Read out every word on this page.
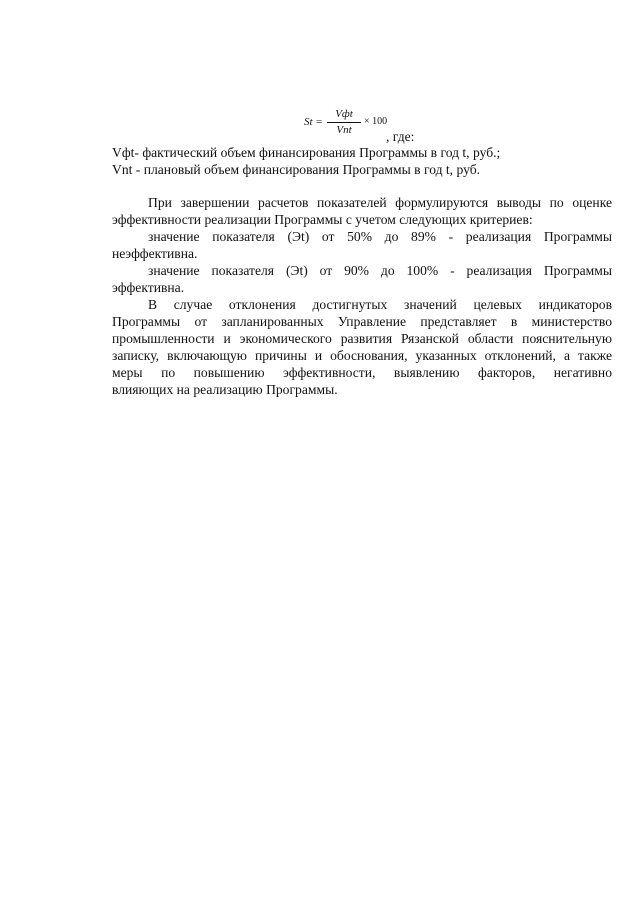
St =
Vфt
Vnt
× 100
, где:
Vфt- фактический объем финансирования Программы в год t, руб.;
Vnt - плановый объем финансирования Программы в год t, руб.
При завершении расчетов показателей формулируются выводы по оценке
эффективности реализации Программы с учетом следующих критериев:
значение показателя (Эt) от 50% до 89% - реализация Программы
неэффективна.
значение показателя (Эt) от 90% до 100% - реализация Программы
эффективна.
В случае отклонения достигнутых значений целевых индикаторов
Программы от запланированных Управление представляет в министерство
промышленности и экономического развития Рязанской области пояснительную
записку, включающую причины и обоснования, указанных отклонений, а также
меры по повышению эффективности, выявлению факторов, негативно
влияющих на реализацию Программы.
